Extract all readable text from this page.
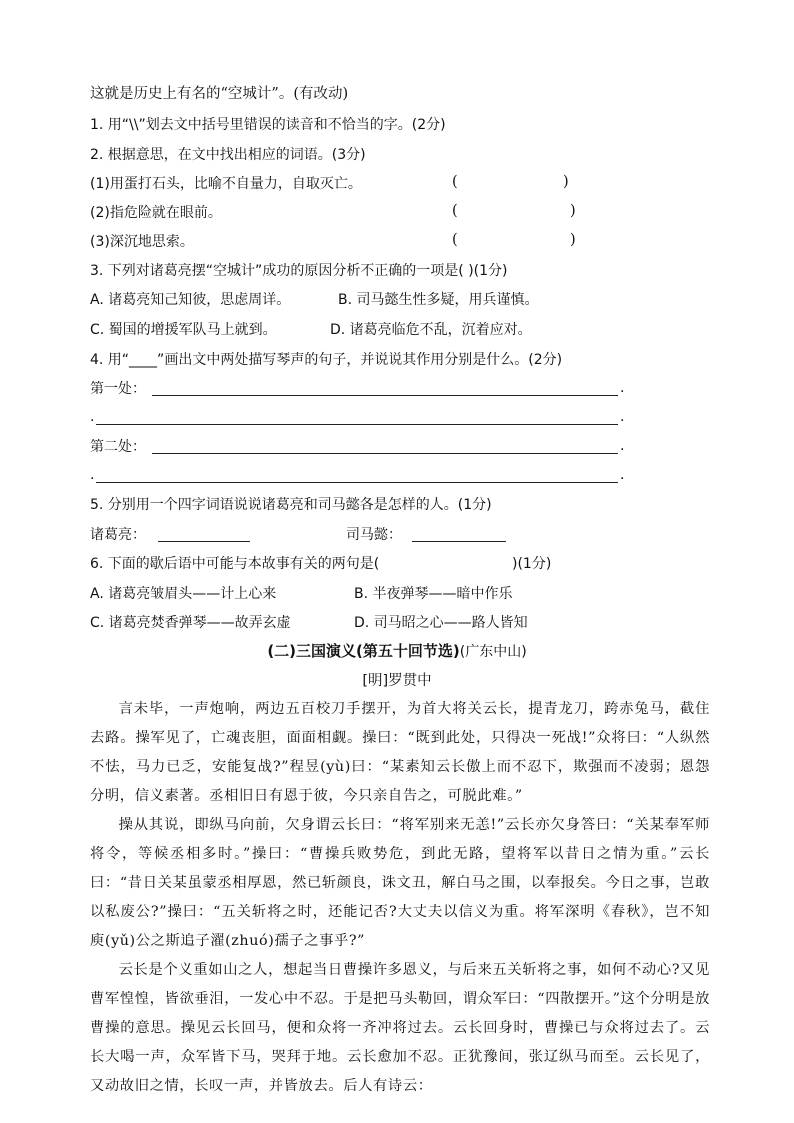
这就是历史上有名的“空城计”。(有改动)
1. 用“\\”划去文中括号里错误的读音和不恰当的字。(2分)
2. 根据意思，在文中找出相应的词语。(3分)
(1)用蛋打石头，比喻不自量力，自取灭亡。	(	)
(2)指危险就在眼前。	(	)
(3)深沉地思索。	(	)
3. 下列对诸葛亮摆“空城计”成功的原因分析不正确的一项是( )(1分)
A. 诸葛亮知己知彼，思虑周详。	B. 司马懿生性多疑，用兵谨慎。
C. 蜀国的增援军队马上就到。	D. 诸葛亮临危不乱，沉着应对。
4. 用“____”画出文中两处描写琴声的句子，并说说其作用分别是什么。(2分)
第一处：	.
.	.
第二处：	.
.	.
5. 分别用一个四字词语说说诸葛亮和司马懿各是怎样的人。(1分)
诸葛亮：	司马懿：
6. 下面的歇后语中可能与本故事有关的两句是(	)(1分)
A. 诸葛亮皱眉头——计上心来	B. 半夜弹琴——暗中作乐
C. 诸葛亮焚香弹琴——故弄玄虚	D. 司马昭之心——路人皆知
(二)三国演义(第五十回节选)(广东中山)
[明]罗贯中

言未毕，一声炮响，两边五百校刀手摆开，为首大将关云长，提青龙刀，跨赤兔马，截住去路。操军见了，亡魂丧胆，面面相觑。操曰：“既到此处，只得决一死战!”众将曰：“人纵然不怯，马力已乏，安能复战?”程昱(yù)曰：“某素知云长傲上而不忍下，欺强而不凌弱；恩怨分明，信义素著。丞相旧日有恩于彼，今只亲自告之，可脱此难。”

操从其说，即纵马向前，欠身谓云长曰：“将军别来无恙!”云长亦欠身答曰：“关某奉军师将令，等候丞相多时。”操曰：“曹操兵败势危，到此无路，望将军以昔日之情为重。”云长曰：“昔日关某虽蒙丞相厚恩，然已斩颜良，诛文丑，解白马之围，以奉报矣。今日之事，岂敢以私废公?”操曰：“五关斩将之时，还能记否?大丈夫以信义为重。将军深明《春秋》，岂不知庾(yǔ)公之斯追子濯(zhuó)孺子之事乎?”

云长是个义重如山之人，想起当日曹操许多恩义，与后来五关斩将之事，如何不动心?又见曹军惶惶，皆欲垂泪，一发心中不忍。于是把马头勒回，谓众军曰：“四散摆开。”这个分明是放曹操的意思。操见云长回马，便和众将一齐冲将过去。云长回身时，曹操已与众将过去了。云长大喝一声，众军皆下马，哭拜于地。云长愈加不忍。正犹豫间，张辽纵马而至。云长见了，又动故旧之情，长叹一声，并皆放去。后人有诗云：
